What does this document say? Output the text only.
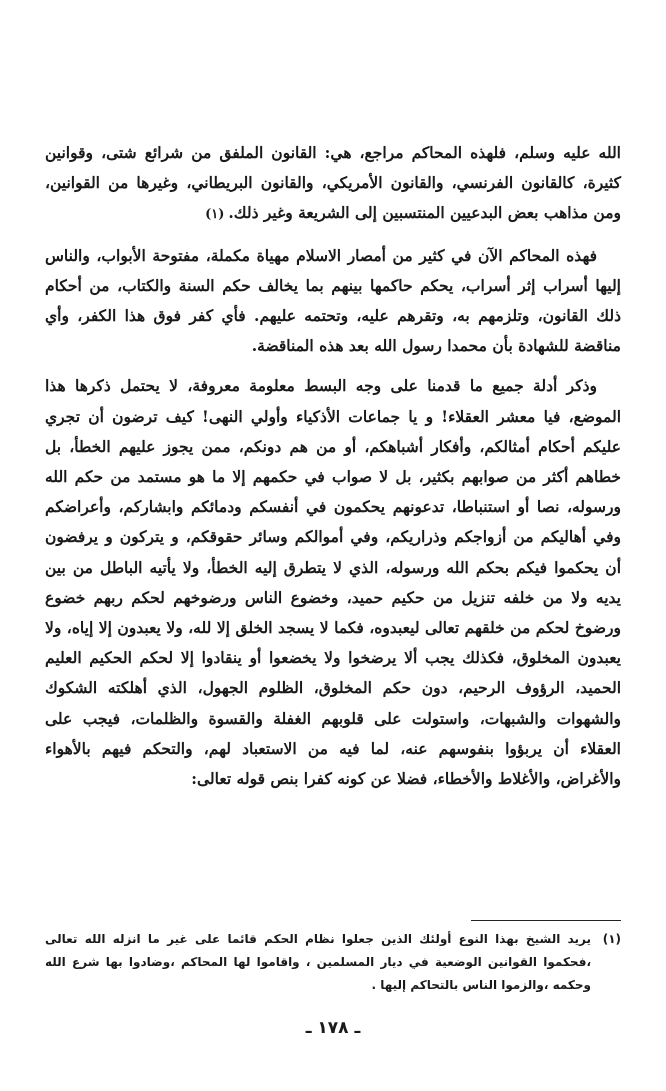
الله عليه وسلم، فلهذه المحاكم مراجع، هي: القانون الملفق من شرائع شتى، وقوانين كثيرة، كالقانون الفرنسي، والقانون الأمريكي، والقانون البريطاني، وغيرها من القوانين، ومن مذاهب بعض البدعيين المنتسبين إلى الشريعة وغير ذلك.(١)

فهذه المحاكم الآن في كثير من أمصار الاسلام مهياة مكملة، مفتوحة الأبواب، والناس إليها أسراب إثر أسراب، يحكم حاكمها بينهم بما يخالف حكم السنة والكتاب، من أحكام ذلك القانون، وتلزمهم به، وتقرهم عليه، وتحتمه عليهم. فأي كفر فوق هذا الكفر، وأي مناقضة للشهادة بأن محمدا رسول الله بعد هذه المناقضة.

وذكر أدلة جميع ما قدمنا على وجه البسط معلومة معروفة، لا يحتمل ذكرها هذا الموضع، فيا معشر العقلاء! و يا جماعات الأذكياء وأولي النهى! كيف ترضون أن تجري عليكم أحكام أمثالكم، وأفكار أشباهكم، أو من هم دونكم، ممن يجوز عليهم الخطأ، بل خطاهم أكثر من صوابهم بكثير، بل لا صواب في حكمهم إلا ما هو مستمد من حكم الله ورسوله، نصا أو استنباطا، تدعونهم يحكمون في أنفسكم ودمائكم وابشاركم، وأعراضكم وفي أهاليكم من أزواجكم وذراريكم، وفي أموالكم وسائر حقوقكم، و يتركون و يرفضون أن يحكموا فيكم بحكم الله ورسوله، الذي لا يتطرق إليه الخطأ، ولا يأتيه الباطل من بين يديه ولا من خلفه تنزيل من حكيم حميد، وخضوع الناس ورضوخهم لحكم ربهم خضوع ورضوخ لحكم من خلقهم تعالى ليعبدوه، فكما لا يسجد الخلق إلا لله، ولا يعبدون إلا إياه، ولا يعبدون المخلوق، فكذلك يجب ألا يرضخوا ولا يخضعوا أو ينقادوا إلا لحكم الحكيم العليم الحميد، الرؤوف الرحيم، دون حكم المخلوق، الظلوم الجهول، الذي أهلكته الشكوك والشهوات والشبهات، واستولت على قلوبهم الغفلة والقسوة والظلمات، فيجب على العقلاء أن يربؤوا بنفوسهم عنه، لما فيه من الاستعباد لهم، والتحكم فيهم بالأهواء والأغراض، والأغلاط والأخطاء، فضلا عن كونه كفرا بنص قوله تعالى:

(١)
يريد الشيخ بهذا النوع أولئك الذين جعلوا نظام الحكم قائما على غير ما انزله الله تعالى ،فحكموا القوانين الوضعية في ديار المسلمين ، واقاموا لها المحاكم ،وضادوا بها شرع الله وحكمه ،والزموا الناس بالتحاكم إليها .
ـ ١٧٨ ـ
